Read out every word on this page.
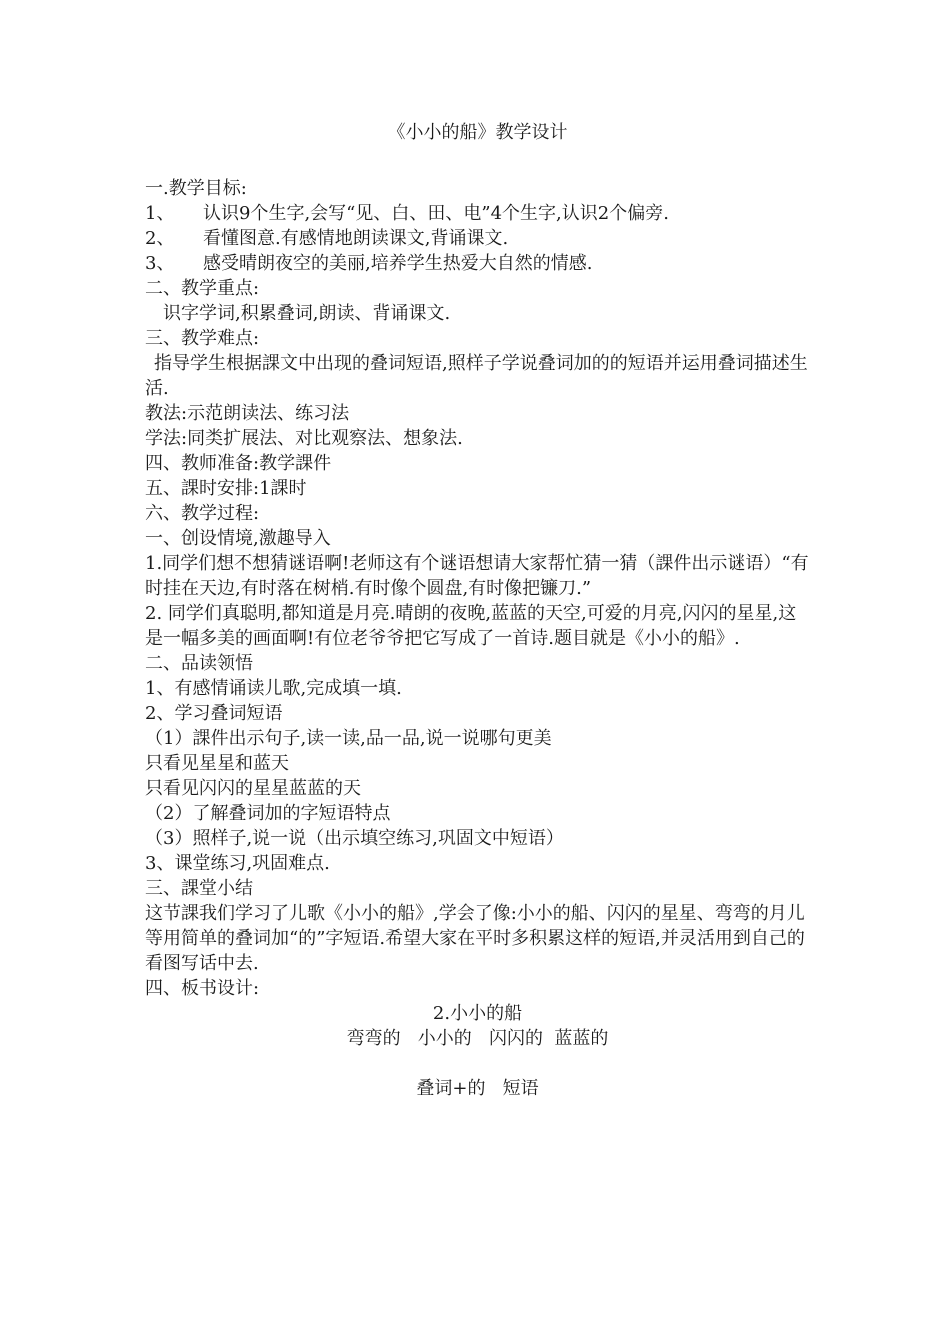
《小小的船》教学设计

一.教学目标:

1、 认识9个生字,会写“见、白、田、电”4个生字,认识2个偏旁.

2、 看懂图意.有感情地朗读课文,背诵课文.

3、 感受晴朗夜空的美丽,培养学生热爱大自然的情感.

二、教学重点:

识字学词,积累叠词,朗读、背诵课文.

三、教学难点:

指导学生根据課文中出现的叠词短语,照样子学说叠词加的的短语并运用叠词描述生活.

教法:示范朗读法、练习法

学法:同类扩展法、对比观察法、想象法.

四、教师准备:教学課件

五、課时安排:1課时

六、教学过程:

一、创设情境,激趣导入

1.同学们想不想猜谜语啊!老师这有个谜语想请大家帮忙猜一猜（課件出示谜语）“有时挂在天边,有时落在树梢.有时像个圆盘,有时像把镰刀.”

2. 同学们真聪明,都知道是月亮.晴朗的夜晚,蓝蓝的天空,可爱的月亮,闪闪的星星,这是一幅多美的画面啊!有位老爷爷把它写成了一首诗.题目就是《小小的船》.

二、品读领悟

1、有感情诵读儿歌,完成填一填.

2、学习叠词短语

（1）課件出示句子,读一读,品一品,说一说哪句更美

只看见星星和蓝天

只看见闪闪的星星蓝蓝的天

（2）了解叠词加的字短语特点

（3）照样子,说一说（出示填空练习,巩固文中短语）

3、课堂练习,巩固难点.

三、課堂小结

这节課我们学习了儿歌《小小的船》,学会了像:小小的船、闪闪的星星、弯弯的月儿等用简单的叠词加“的”字短语.希望大家在平时多积累这样的短语,并灵活用到自己的看图写话中去.

四、板书设计:

2.小小的船

弯弯的   小小的   闪闪的  蓝蓝的

叠词+的   短语
